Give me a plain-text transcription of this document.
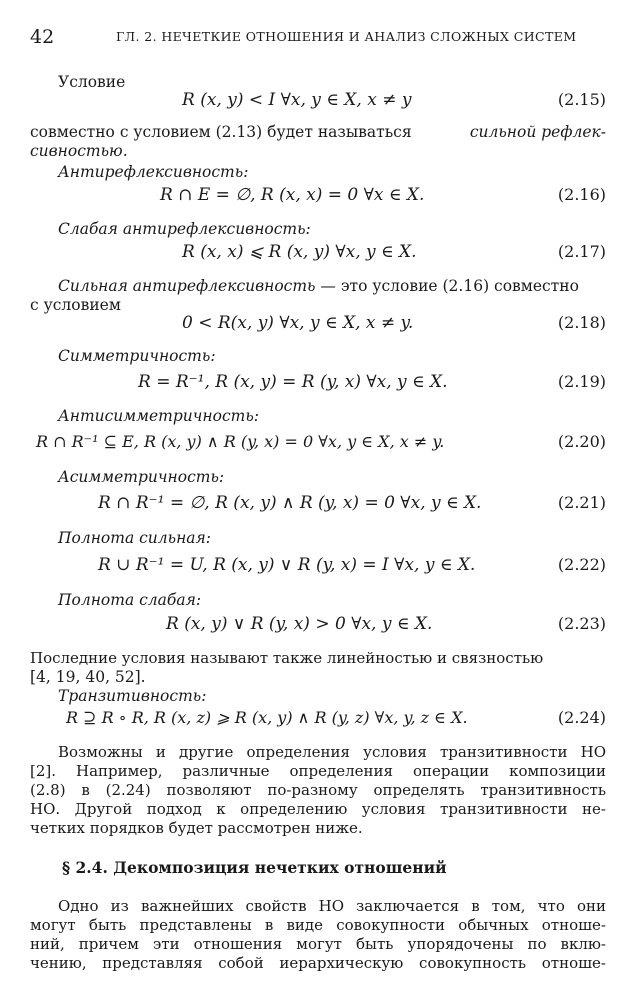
42	ГЛ. 2. НЕЧЕТКИЕ ОТНОШЕНИЯ И АНАЛИЗ СЛОЖНЫХ СИСТЕМ
Условие
R (x, y) < I ∀x, y ∈ X, x ≠ y	(2.15)
совместно с условием (2.13) будет называться	сильной рефлек-
сивностью.
Антирефлексивность:
R ∩ E = ∅, R (x, x) = 0 ∀x ∈ X.	(2.16)
Слабая антирефлексивность:
R (x, x) ⩽ R (x, y) ∀x, y ∈ X.	(2.17)
Сильная антирефлексивность — это условие (2.16) совместно
с условием
0 < R(x, y) ∀x, y ∈ X, x ≠ y.	(2.18)
Симметричность:
R = R⁻¹, R (x, y) = R (y, x) ∀x, y ∈ X.	(2.19)
Антисимметричность:
R ∩ R⁻¹ ⊆ E, R (x, y) ∧ R (y, x) = 0 ∀x, y ∈ X, x ≠ y.	(2.20)
Асимметричность:
R ∩ R⁻¹ = ∅, R (x, y) ∧ R (y, x) = 0 ∀x, y ∈ X.	(2.21)
Полнота сильная:
R ∪ R⁻¹ = U, R (x, y) ∨ R (y, x) = I ∀x, y ∈ X.	(2.22)
Полнота слабая:
R (x, y) ∨ R (y, x) > 0 ∀x, y ∈ X.	(2.23)
Последние условия называют также линейностью и связностью
[4, 19, 40, 52].
Транзитивность:
R ⊇ R ∘ R, R (x, z) ⩾ R (x, y) ∧ R (y, z) ∀x, y, z ∈ X.	(2.24)
Возможны и другие определения условия транзитивности НО
[2]. Например, различные определения операции композиции
(2.8) в (2.24) позволяют по-разному определять транзитивность
НО. Другой подход к определению условия транзитивности не-
четких порядков будет рассмотрен ниже.
§ 2.4. Декомпозиция нечетких отношений
Одно из важнейших свойств НО заключается в том, что они
могут быть представлены в виде совокупности обычных отноше-
ний, причем эти отношения могут быть упорядочены по вклю-
чению, представляя собой иерархическую совокупность отноше-
